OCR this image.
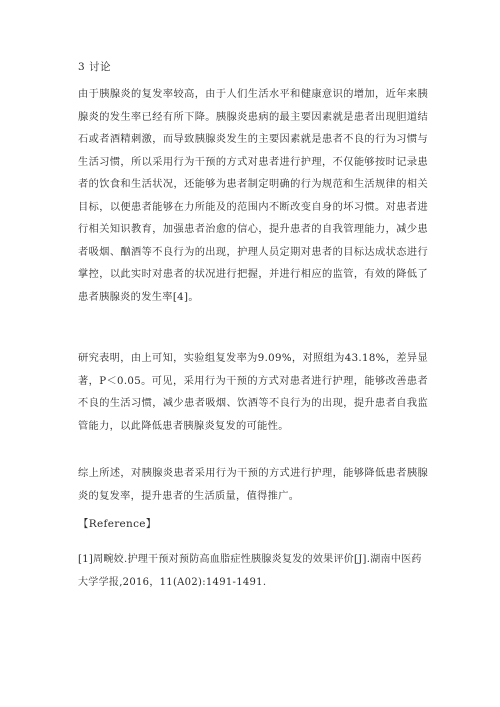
3 讨论

由于胰腺炎的复发率较高，由于人们生活水平和健康意识的增加，近年来胰腺炎的发生率已经有所下降。胰腺炎患病的最主要因素就是患者出现胆道结石或者酒精刺激，而导致胰腺炎发生的主要因素就是患者不良的行为习惯与生活习惯，所以采用行为干预的方式对患者进行护理，不仅能够按时记录患者的饮食和生活状况，还能够为患者制定明确的行为规范和生活规律的相关目标，以便患者能够在力所能及的范围内不断改变自身的坏习惯。对患者进行相关知识教育，加强患者治愈的信心，提升患者的自我管理能力，减少患者吸烟、酗酒等不良行为的出现，护理人员定期对患者的目标达成状态进行掌控，以此实时对患者的状况进行把握，并进行相应的监管，有效的降低了患者胰腺炎的发生率[4]。

研究表明，由上可知，实验组复发率为9.09%，对照组为43.18%，差异显著，P＜0.05。可见，采用行为干预的方式对患者进行护理，能够改善患者不良的生活习惯，减少患者吸烟、饮酒等不良行为的出现，提升患者自我监管能力，以此降低患者胰腺炎复发的可能性。

综上所述，对胰腺炎患者采用行为干预的方式进行护理，能够降低患者胰腺炎的复发率，提升患者的生活质量，值得推广。

【Reference】

[1]周畹姣.护理干预对预防高血脂症性胰腺炎复发的效果评价[J].湖南中医药大学学报,2016，11(A02):1491-1491.
